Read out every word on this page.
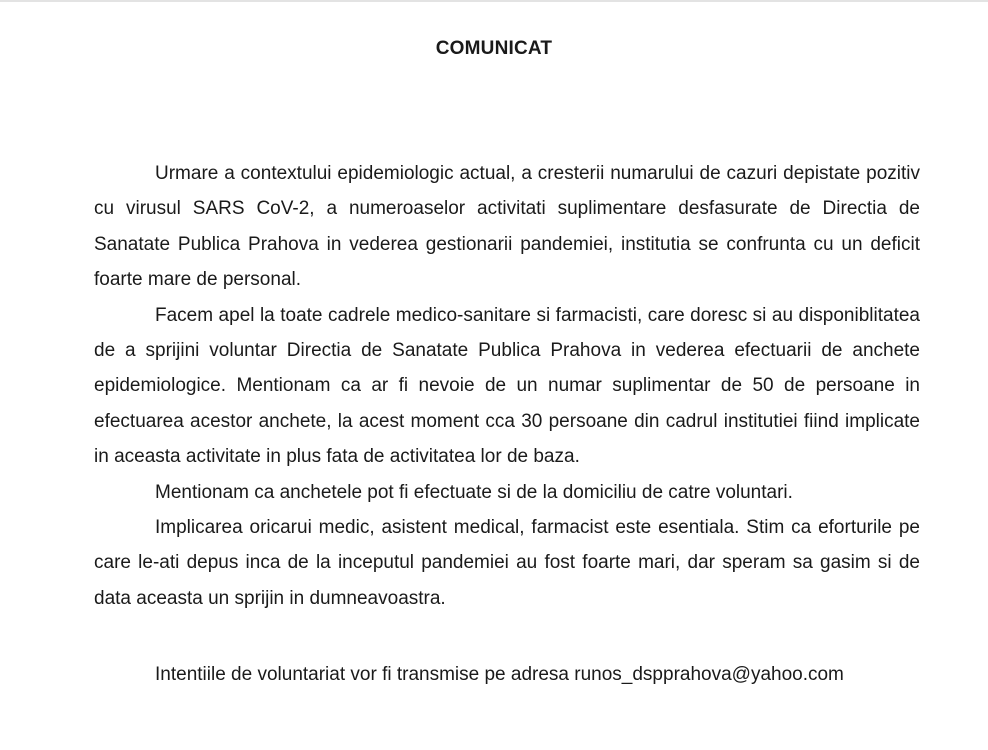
COMUNICAT

Urmare a contextului epidemiologic actual, a cresterii numarului de cazuri depistate pozitiv cu virusul SARS CoV-2, a numeroaselor activitati suplimentare desfasurate de Directia de Sanatate Publica Prahova in vederea gestionarii pandemiei, institutia se confrunta cu un deficit foarte mare de personal.

Facem apel la toate cadrele medico-sanitare si farmacisti, care doresc si au disponiblitatea de a sprijini voluntar Directia de Sanatate Publica Prahova in vederea efectuarii de anchete epidemiologice. Mentionam ca ar fi nevoie de un numar suplimentar de 50 de persoane in efectuarea acestor anchete, la acest moment cca 30 persoane din cadrul institutiei fiind implicate in aceasta activitate in plus fata de activitatea lor de baza.

Mentionam ca anchetele pot fi efectuate si de la domiciliu de catre voluntari.

Implicarea oricarui medic, asistent medical, farmacist este esentiala. Stim ca eforturile pe care le-ati depus inca de la inceputul pandemiei au fost foarte mari, dar speram sa gasim si de data aceasta un sprijin in dumneavoastra.

Intentiile de voluntariat vor fi transmise pe adresa runos_dspprahova@yahoo.com
